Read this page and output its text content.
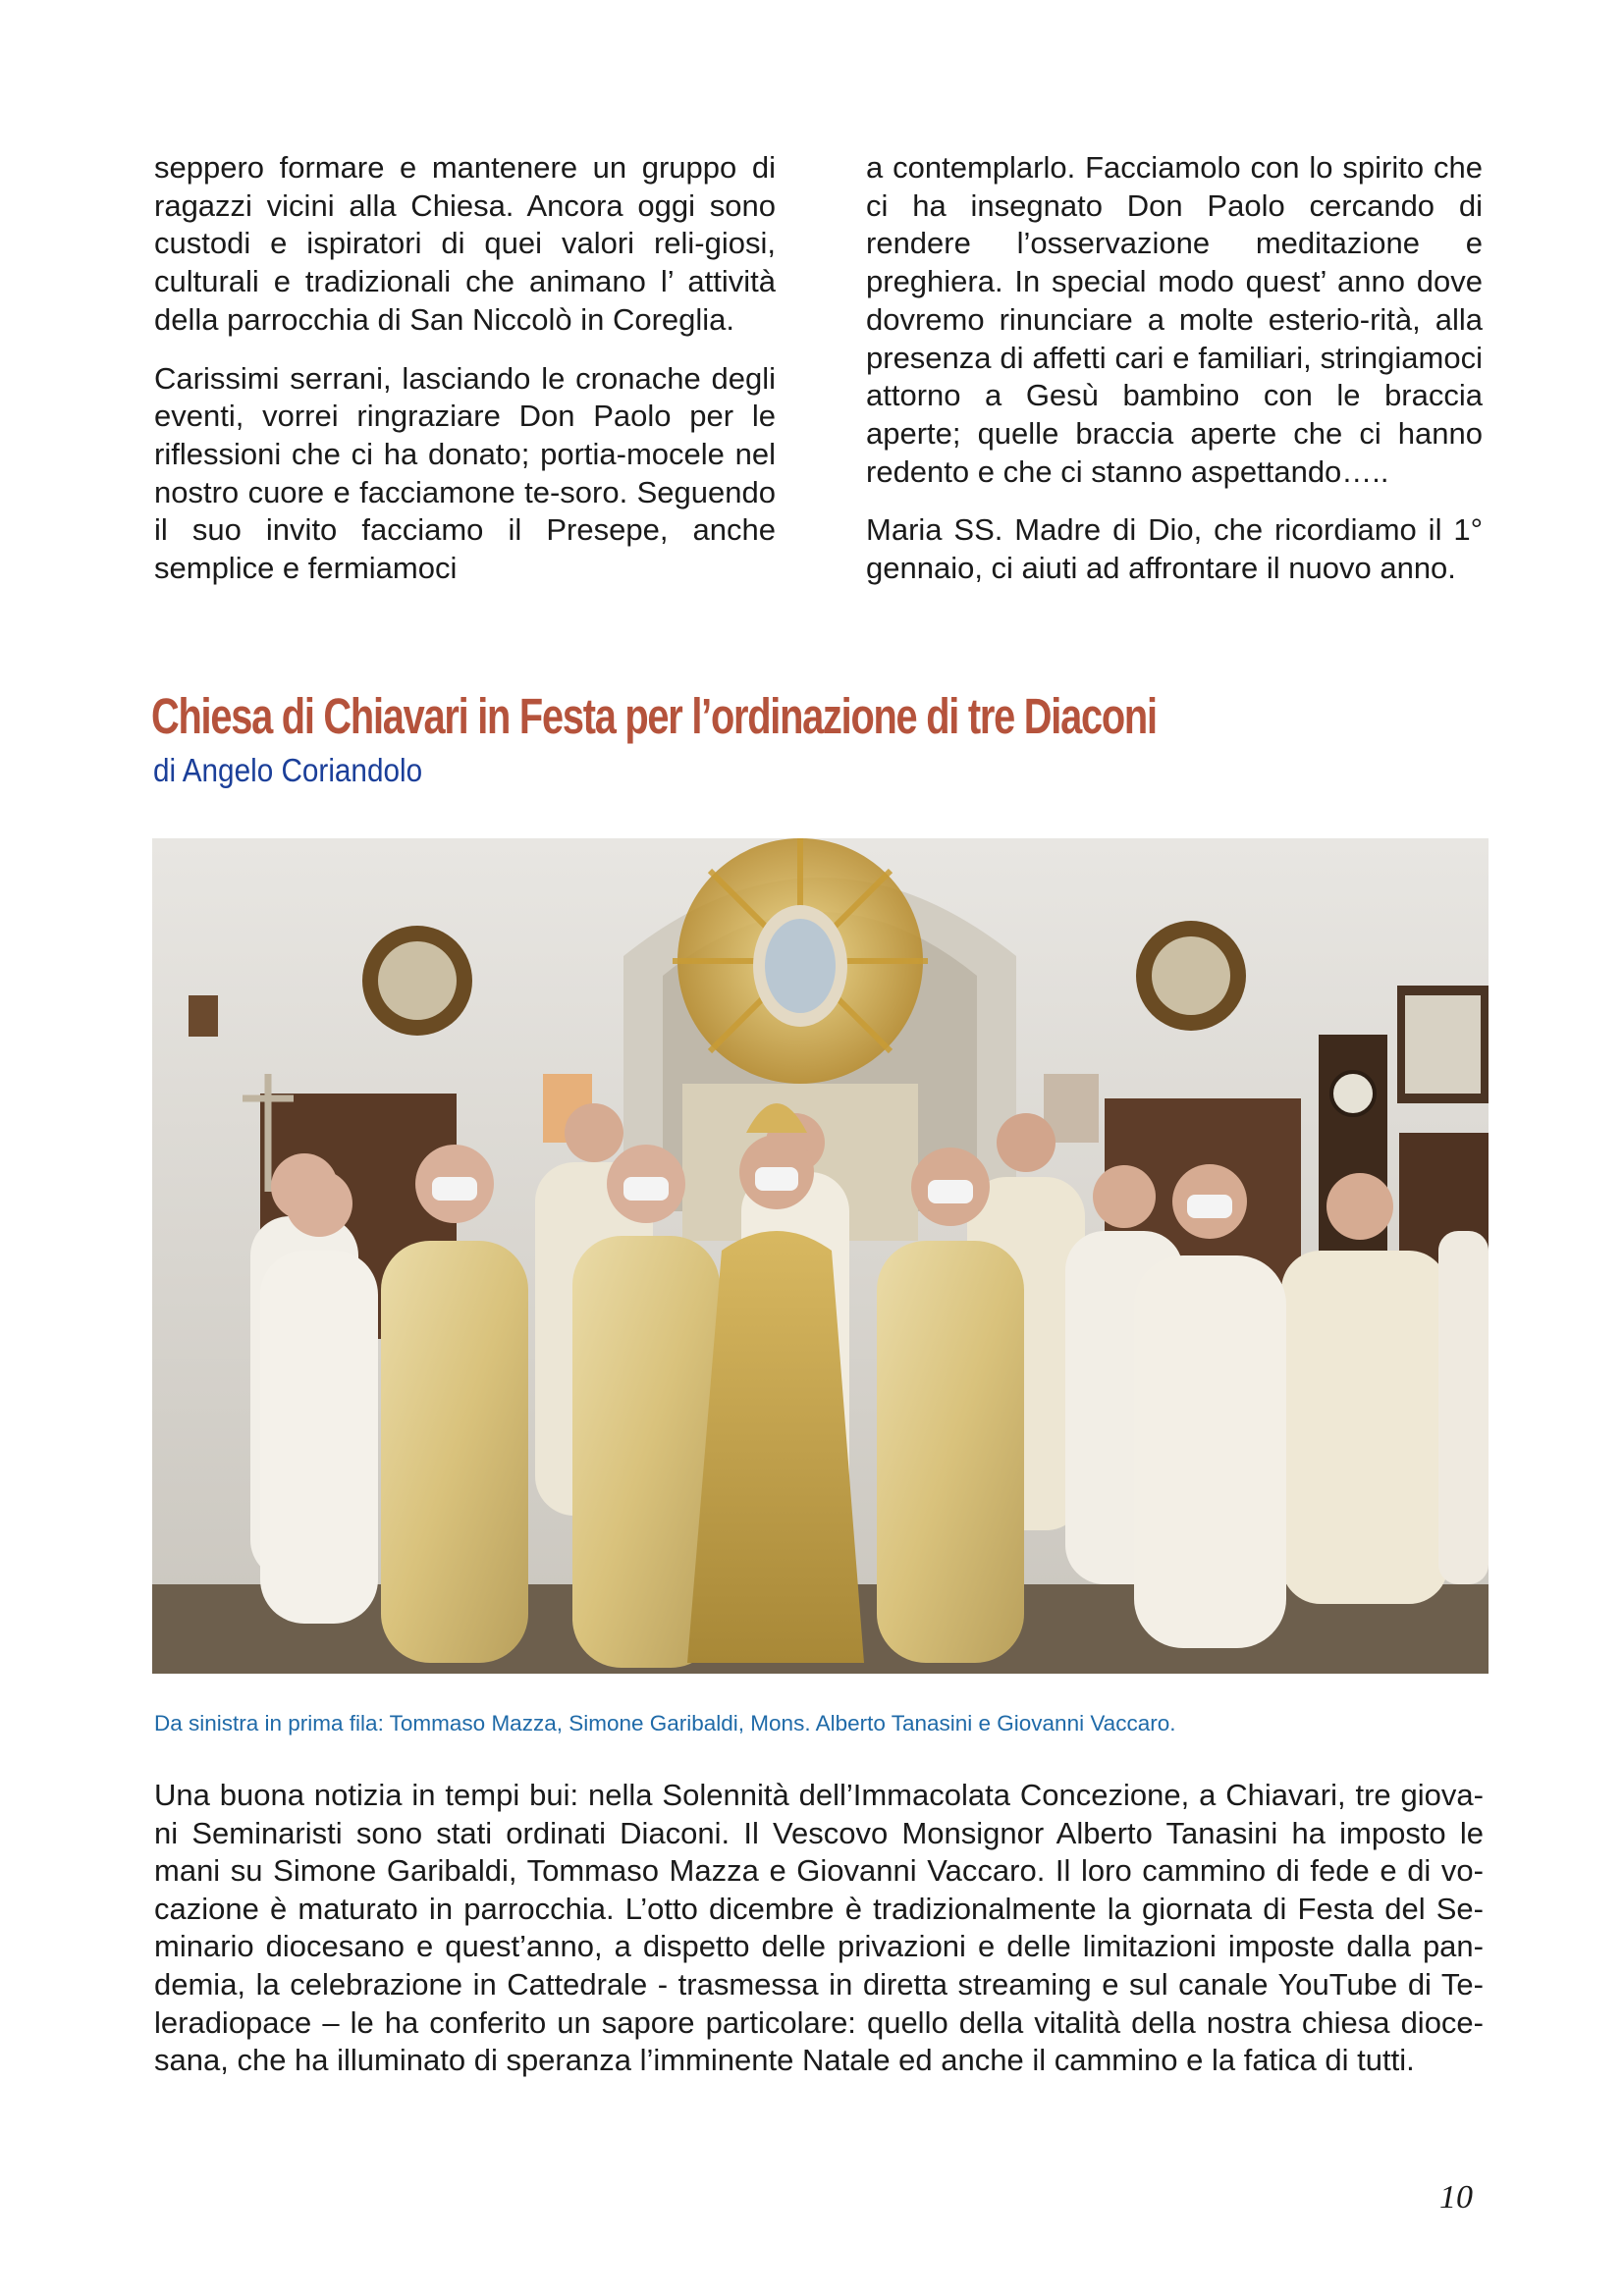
seppero formare e mantenere un gruppo di ragazzi vicini alla Chiesa. Ancora oggi sono custodi e ispiratori di quei valori reli-giosi, culturali e tradizionali che animano l’ attività della parrocchia di San Niccolò in Coreglia.

Carissimi serrani, lasciando le cronache degli eventi, vorrei ringraziare Don Paolo per le riflessioni che ci ha donato; portia-mocele nel nostro cuore e facciamone te-soro. Seguendo il suo invito facciamo il Presepe, anche semplice e fermiamoci

a contemplarlo. Facciamolo con lo spirito che ci ha insegnato Don Paolo cercando di rendere l’osservazione meditazione e preghiera. In special modo quest’ anno dove dovremo rinunciare a molte esterio-rità, alla presenza di affetti cari e familiari, stringiamoci attorno a Gesù bambino con le braccia aperte; quelle braccia aperte che ci hanno redento e che ci stanno aspettando…..

Maria SS. Madre di Dio, che ricordiamo il 1° gennaio, ci aiuti ad affrontare il nuovo anno.

Chiesa di Chiavari in Festa per l’ordinazione di tre Diaconi
di Angelo Coriandolo
Da sinistra in prima fila: Tommaso Mazza, Simone Garibaldi, Mons. Alberto Tanasini e Giovanni Vaccaro.
Una buona notizia in tempi bui: nella Solennità dell’Immacolata Concezione, a Chiavari, tre giova-ni Seminaristi sono stati ordinati Diaconi. Il Vescovo Monsignor Alberto Tanasini ha imposto le mani su Simone Garibaldi, Tommaso Mazza e Giovanni Vaccaro. Il loro cammino di fede e di vo-cazione è maturato in parrocchia. L’otto dicembre è tradizionalmente la giornata di Festa del Se-minario diocesano e quest’anno, a dispetto delle privazioni e delle limitazioni imposte dalla pan-demia, la celebrazione in Cattedrale - trasmessa in diretta streaming e sul canale YouTube di Te-leradiopace – le ha conferito un sapore particolare: quello della vitalità della nostra chiesa dioce-sana, che ha illuminato di speranza l’imminente Natale ed anche il cammino e la fatica di tutti.
10
